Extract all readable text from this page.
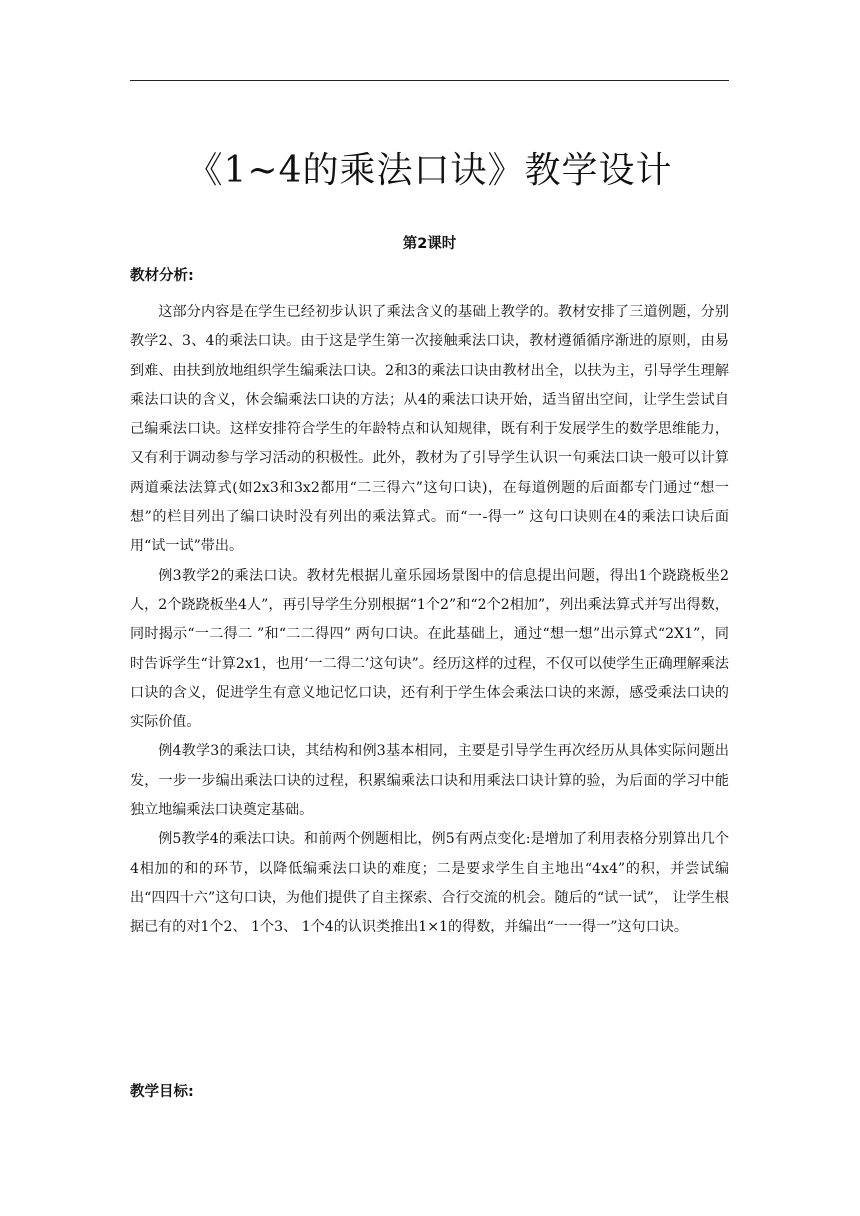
《1~4的乘法口诀》教学设计
第2课时
教材分析:

这部分内容是在学生已经初步认识了乘法含义的基础上教学的。教材安排了三道例题，分别教学2、3、4的乘法口诀。由于这是学生第一次接触乘法口诀，教材遵循循序渐进的原则，由易到难、由扶到放地组织学生编乘法口诀。2和3的乘法口诀由教材出全，以扶为主，引导学生理解乘法口诀的含义，休会编乘法口诀的方法；从4的乘法口诀开始，适当留出空间，让学生尝试自己编乘法口诀。这样安排符合学生的年龄特点和认知规律，既有利于发展学生的数学思维能力，又有利于调动参与学习活动的积极性。此外，教材为了引导学生认识一句乘法口诀一般可以计算两道乘法法算式(如2x3和3x2都用“二三得六”这句口诀)，在每道例题的后面都专门通过“想一想”的栏目列出了编口诀时没有列出的乘法算式。而“一-得一” 这句口诀则在4的乘法口诀后面用“试一试”带出。

例3教学2的乘法口诀。教材先根据儿童乐园场景图中的信息提出问题，得出1个跷跷板坐2人，2个跷跷板坐4人”，再引导学生分别根据“1个2”和“2个2相加”，列出乘法算式并写出得数，同时揭示“一二得二 ”和“二二得四” 两句口诀。在此基础上，通过“想一想”出示算式“2X1”，同时告诉学生“计算2x1，也用‘一二得二’这句诀”。经历这样的过程，不仅可以使学生正确理解乘法口诀的含义，促进学生有意义地记忆口诀，还有利于学生体会乘法口诀的来源，感受乘法口诀的实际价值。

例4教学3的乘法口诀，其结构和例3基本相同，主要是引导学生再次经历从具体实际问题出发，一步一步编出乘法口诀的过程，积累编乘法口诀和用乘法口诀计算的验，为后面的学习中能独立地编乘法口诀奠定基础。

例5教学4的乘法口诀。和前两个例题相比，例5有两点变化:是增加了利用表格分别算出几个4相加的和的环节，以降低编乘法口诀的难度；二是要求学生自主地出“4x4”的积，并尝试编出“四四十六”这句口诀，为他们提供了自主探索、合行交流的机会。随后的“试一试”， 让学生根据已有的对1个2、 1个3、 1个4的认识类推出1×1的得数，并编出“一一得一”这句口诀。

教学目标:
